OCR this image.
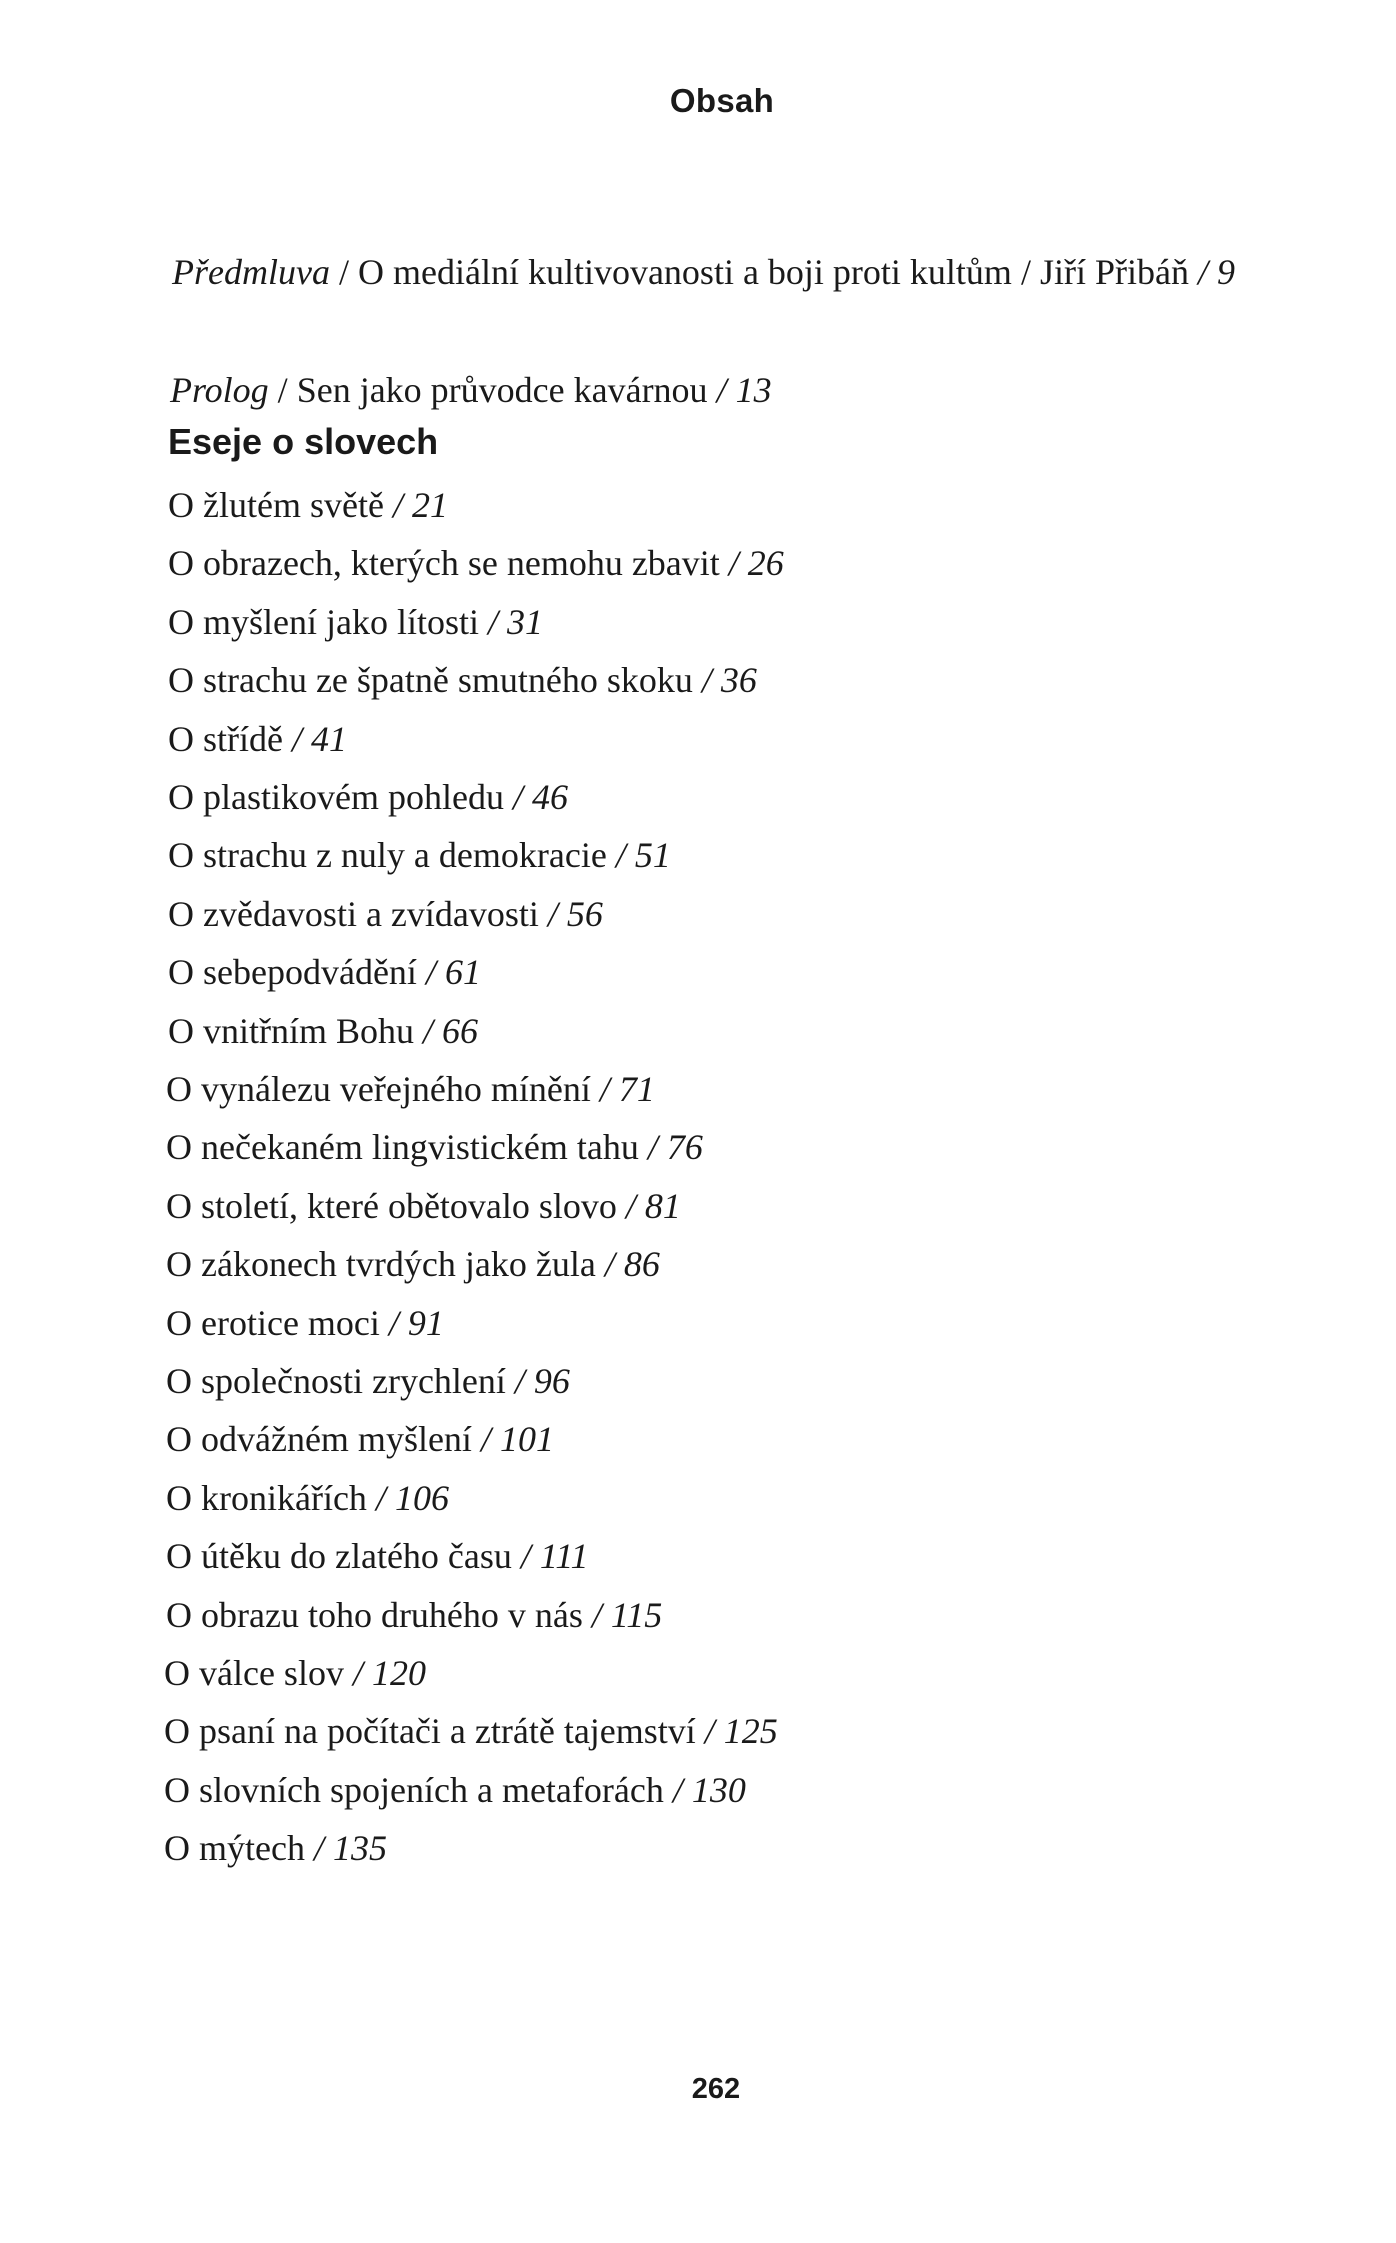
Obsah
Předmluva / O mediální kultivovanosti a boji proti kultům / Jiří Přibáň / 9
Prolog / Sen jako průvodce kavárnou / 13
Eseje o slovech
O žlutém světě / 21
O obrazech, kterých se nemohu zbavit / 26
O myšlení jako lítosti / 31
O strachu ze špatně smutného skoku / 36
O střídě / 41
O plastikovém pohledu / 46
O strachu z nuly a demokracie / 51
O zvědavosti a zvídavosti / 56
O sebepodvádění / 61
O vnitřním Bohu / 66
O vynálezu veřejného mínění / 71
O nečekaném lingvistickém tahu / 76
O století, které obětovalo slovo / 81
O zákonech tvrdých jako žula / 86
O erotice moci / 91
O společnosti zrychlení / 96
O odvážném myšlení / 101
O kronikářích / 106
O útěku do zlatého času / 111
O obrazu toho druhého v nás / 115
O válce slov / 120
O psaní na počítači a ztrátě tajemství / 125
O slovních spojeních a metaforách / 130
O mýtech / 135
262
